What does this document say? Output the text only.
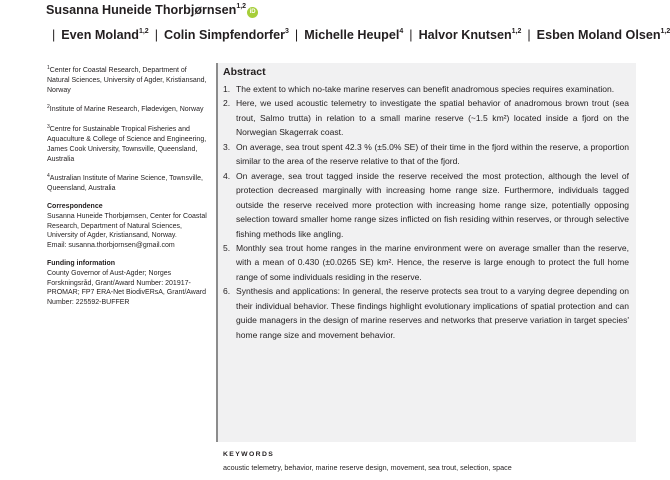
Susanna Huneide Thorbjørnsen$^{1,2}$iD| Even Moland$^{1,2}$ | Colin Simpfendorfer$^3$ | Michelle Heupel$^4$ | Halvor Knutsen$^{1,2}$ | Esben Moland Olsen$^{1,2}$
$^1$Center for Coastal Research, Department of Natural Sciences, University of Agder, Kristiansand, Norway
$^2$Institute of Marine Research, Flødevigen, Norway
$^3$Centre for Sustainable Tropical Fisheries and Aquaculture & College of Science and Engineering, James Cook University, Townsville, Queensland, Australia
$^4$Australian Institute of Marine Science, Townsville, Queensland, Australia
Correspondence
Susanna Huneide Thorbjørnsen, Center for Coastal Research, Department of Natural Sciences, University of Agder, Kristiansand, Norway.
Email: susanna.thorbjornsen@gmail.com
Funding information
County Governor of Aust-Agder; Norges Forskningsråd, Grant/Award Number: 201917-PROMAR; FP7 ERA-Net BiodivERsA, Grant/Award Number: 225592-BUFFER
Abstract
1. The extent to which no-take marine reserves can benefit anadromous species requires examination.
2. Here, we used acoustic telemetry to investigate the spatial behavior of anadromous brown trout (sea trout, Salmo trutta) in relation to a small marine reserve (~1.5 km²) located inside a fjord on the Norwegian Skagerrak coast.
3. On average, sea trout spent 42.3 % (±5.0% SE) of their time in the fjord within the reserve, a proportion similar to the area of the reserve relative to that of the fjord.
4. On average, sea trout tagged inside the reserve received the most protection, although the level of protection decreased marginally with increasing home range size. Furthermore, individuals tagged outside the reserve received more protection with increasing home range size, potentially opposing selection toward smaller home range sizes inflicted on fish residing within reserves, or through selective fishing methods like angling.
5. Monthly sea trout home ranges in the marine environment were on average smaller than the reserve, with a mean of 0.430 (±0.0265 SE) km². Hence, the reserve is large enough to protect the full home range of some individuals residing in the reserve.
6. Synthesis and applications: In general, the reserve protects sea trout to a varying degree depending on their individual behavior. These findings highlight evolutionary implications of spatial protection and can guide managers in the design of marine reserves and networks that preserve variation in target species' home range size and movement behavior.
KEYWORDS
acoustic telemetry, behavior, marine reserve design, movement, sea trout, selection, space
